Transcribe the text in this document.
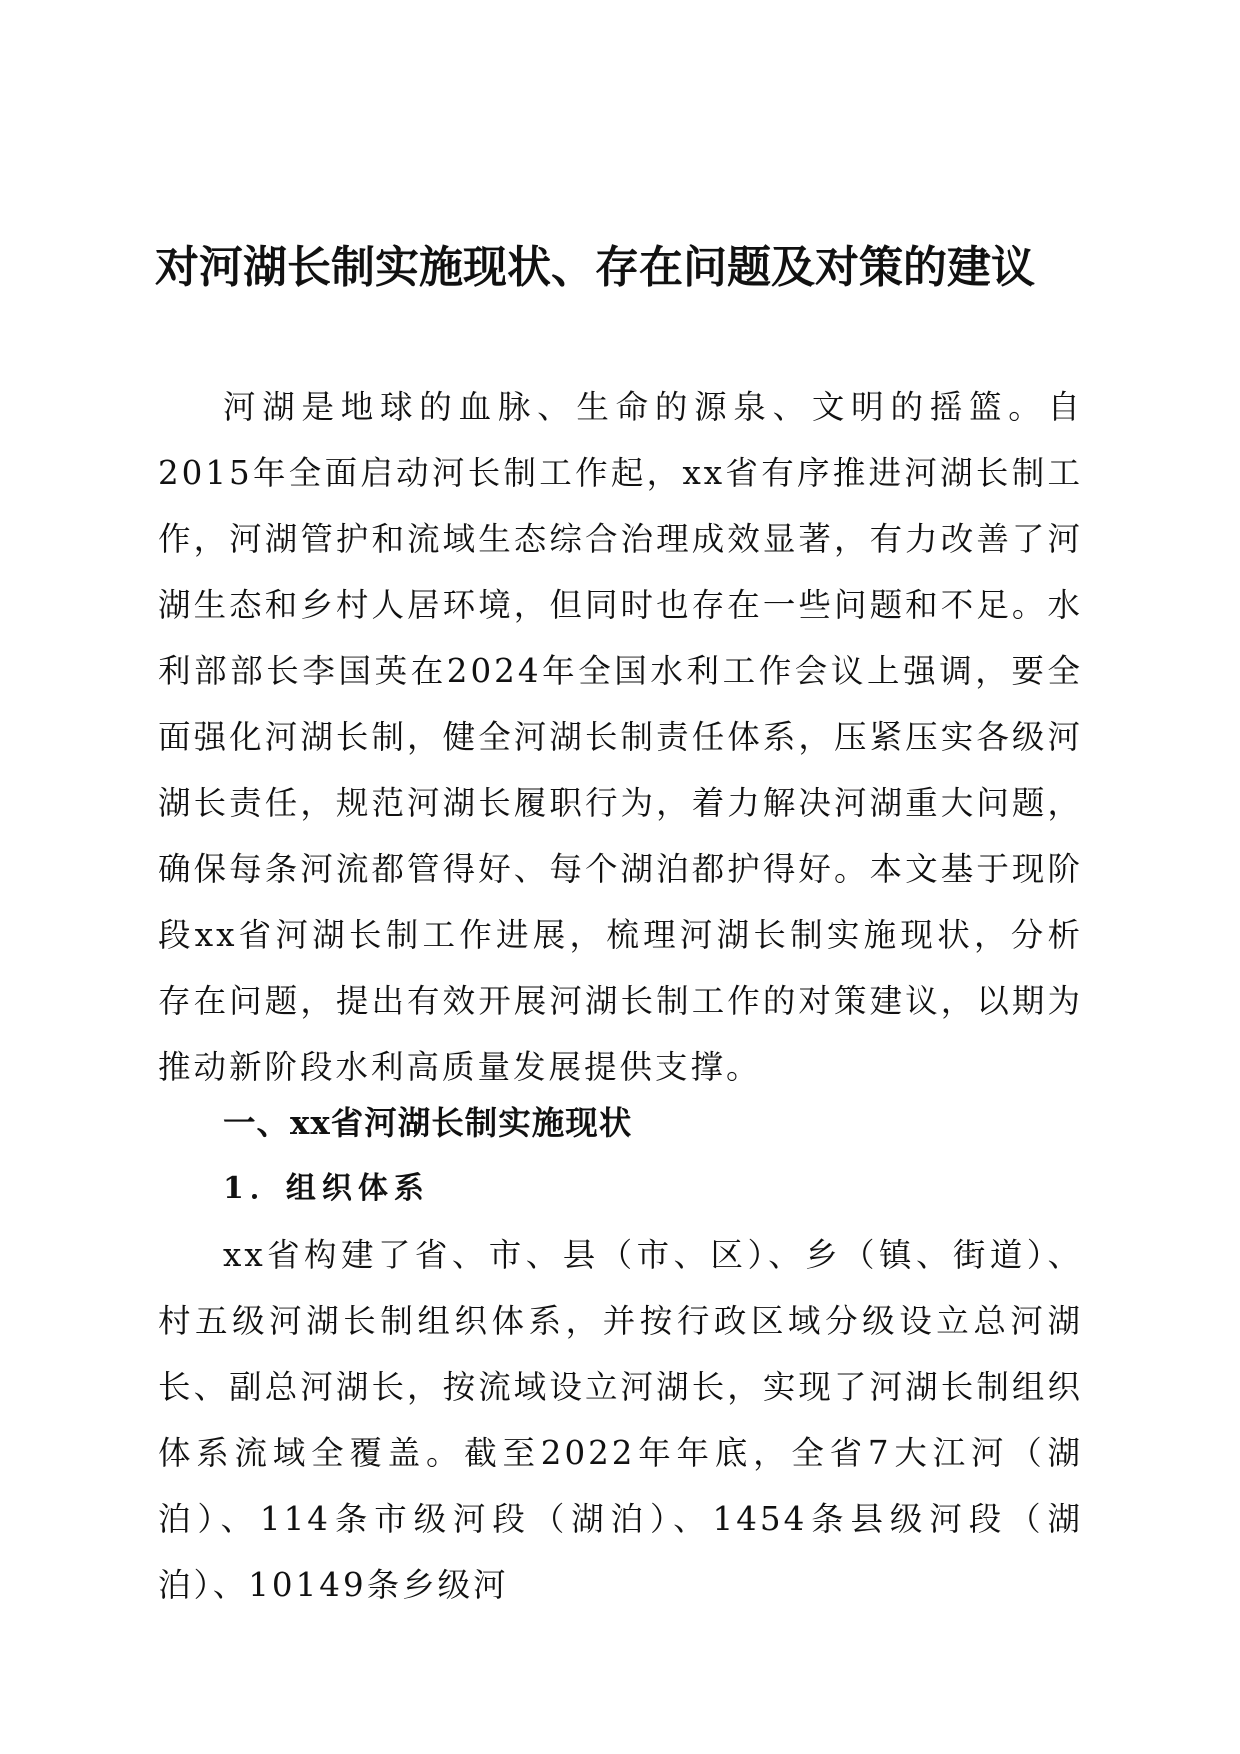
对河湖长制实施现状、存在问题及对策的建议

河湖是地球的血脉、生命的源泉、文明的摇篮。自2015年全面启动河长制工作起，xx省有序推进河湖长制工作，河湖管护和流域生态综合治理成效显著，有力改善了河湖生态和乡村人居环境，但同时也存在一些问题和不足。水利部部长李国英在2024年全国水利工作会议上强调，要全面强化河湖长制，健全河湖长制责任体系，压紧压实各级河湖长责任，规范河湖长履职行为，着力解决河湖重大问题，确保每条河流都管得好、每个湖泊都护得好。本文基于现阶段xx省河湖长制工作进展，梳理河湖长制实施现状，分析存在问题，提出有效开展河湖长制工作的对策建议，以期为推动新阶段水利高质量发展提供支撑。

一、xx省河湖长制实施现状
1．组织体系

xx省构建了省、市、县（市、区）、乡（镇、街道）、村五级河湖长制组织体系，并按行政区域分级设立总河湖长、副总河湖长，按流域设立河湖长，实现了河湖长制组织体系流域全覆盖。截至2022年年底，全省7大江河（湖泊）、114条市级河段（湖泊）、1454条县级河段（湖泊）、10149条乡级河
